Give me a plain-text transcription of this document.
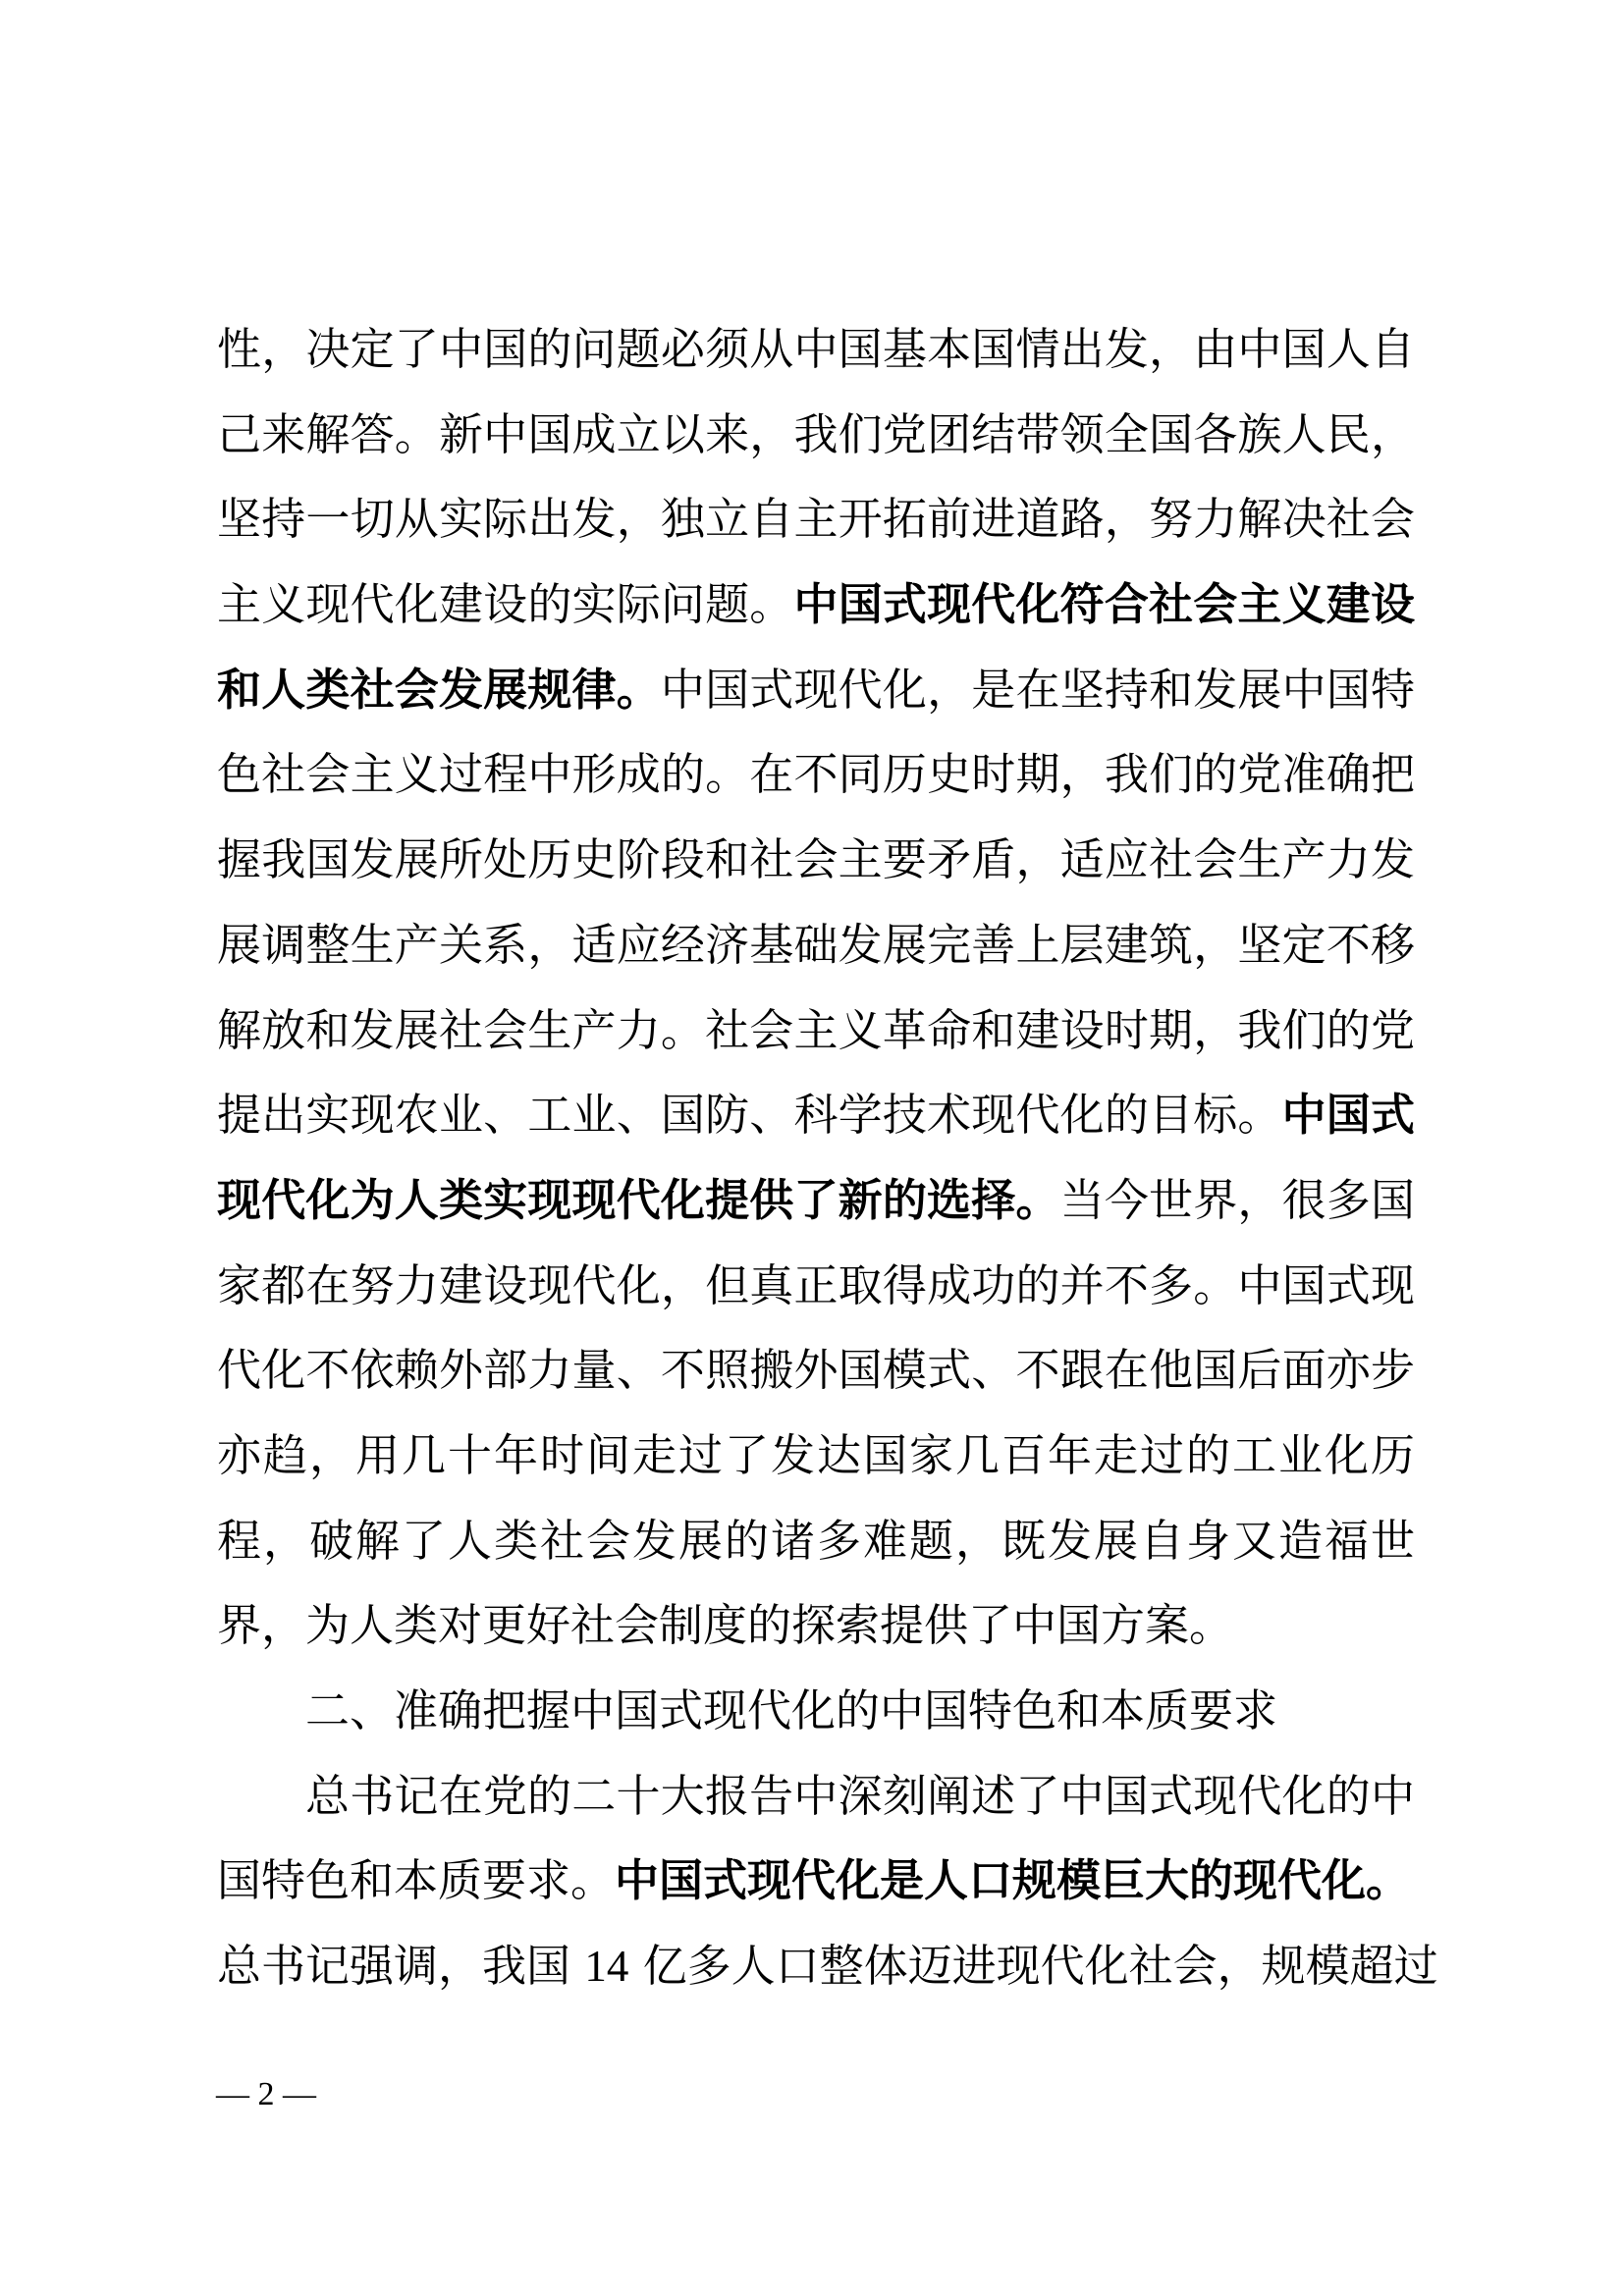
性，决定了中国的问题必须从中国基本国情出发，由中国人自
己来解答。新中国成立以来，我们党团结带领全国各族人民，
坚持一切从实际出发，独立自主开拓前进道路，努力解决社会
主义现代化建设的实际问题。中国式现代化符合社会主义建设
和人类社会发展规律。中国式现代化，是在坚持和发展中国特
色社会主义过程中形成的。在不同历史时期，我们的党准确把
握我国发展所处历史阶段和社会主要矛盾，适应社会生产力发
展调整生产关系，适应经济基础发展完善上层建筑，坚定不移
解放和发展社会生产力。社会主义革命和建设时期，我们的党
提出实现农业、工业、国防、科学技术现代化的目标。中国式
现代化为人类实现现代化提供了新的选择。当今世界，很多国
家都在努力建设现代化，但真正取得成功的并不多。中国式现
代化不依赖外部力量、不照搬外国模式、不跟在他国后面亦步
亦趋，用几十年时间走过了发达国家几百年走过的工业化历
程，破解了人类社会发展的诸多难题，既发展自身又造福世
界，为人类对更好社会制度的探索提供了中国方案。
二、准确把握中国式现代化的中国特色和本质要求
总书记在党的二十大报告中深刻阐述了中国式现代化的中
国特色和本质要求。中国式现代化是人口规模巨大的现代化。
总书记强调，我国 14 亿多人口整体迈进现代化社会，规模超过
— 2 —
